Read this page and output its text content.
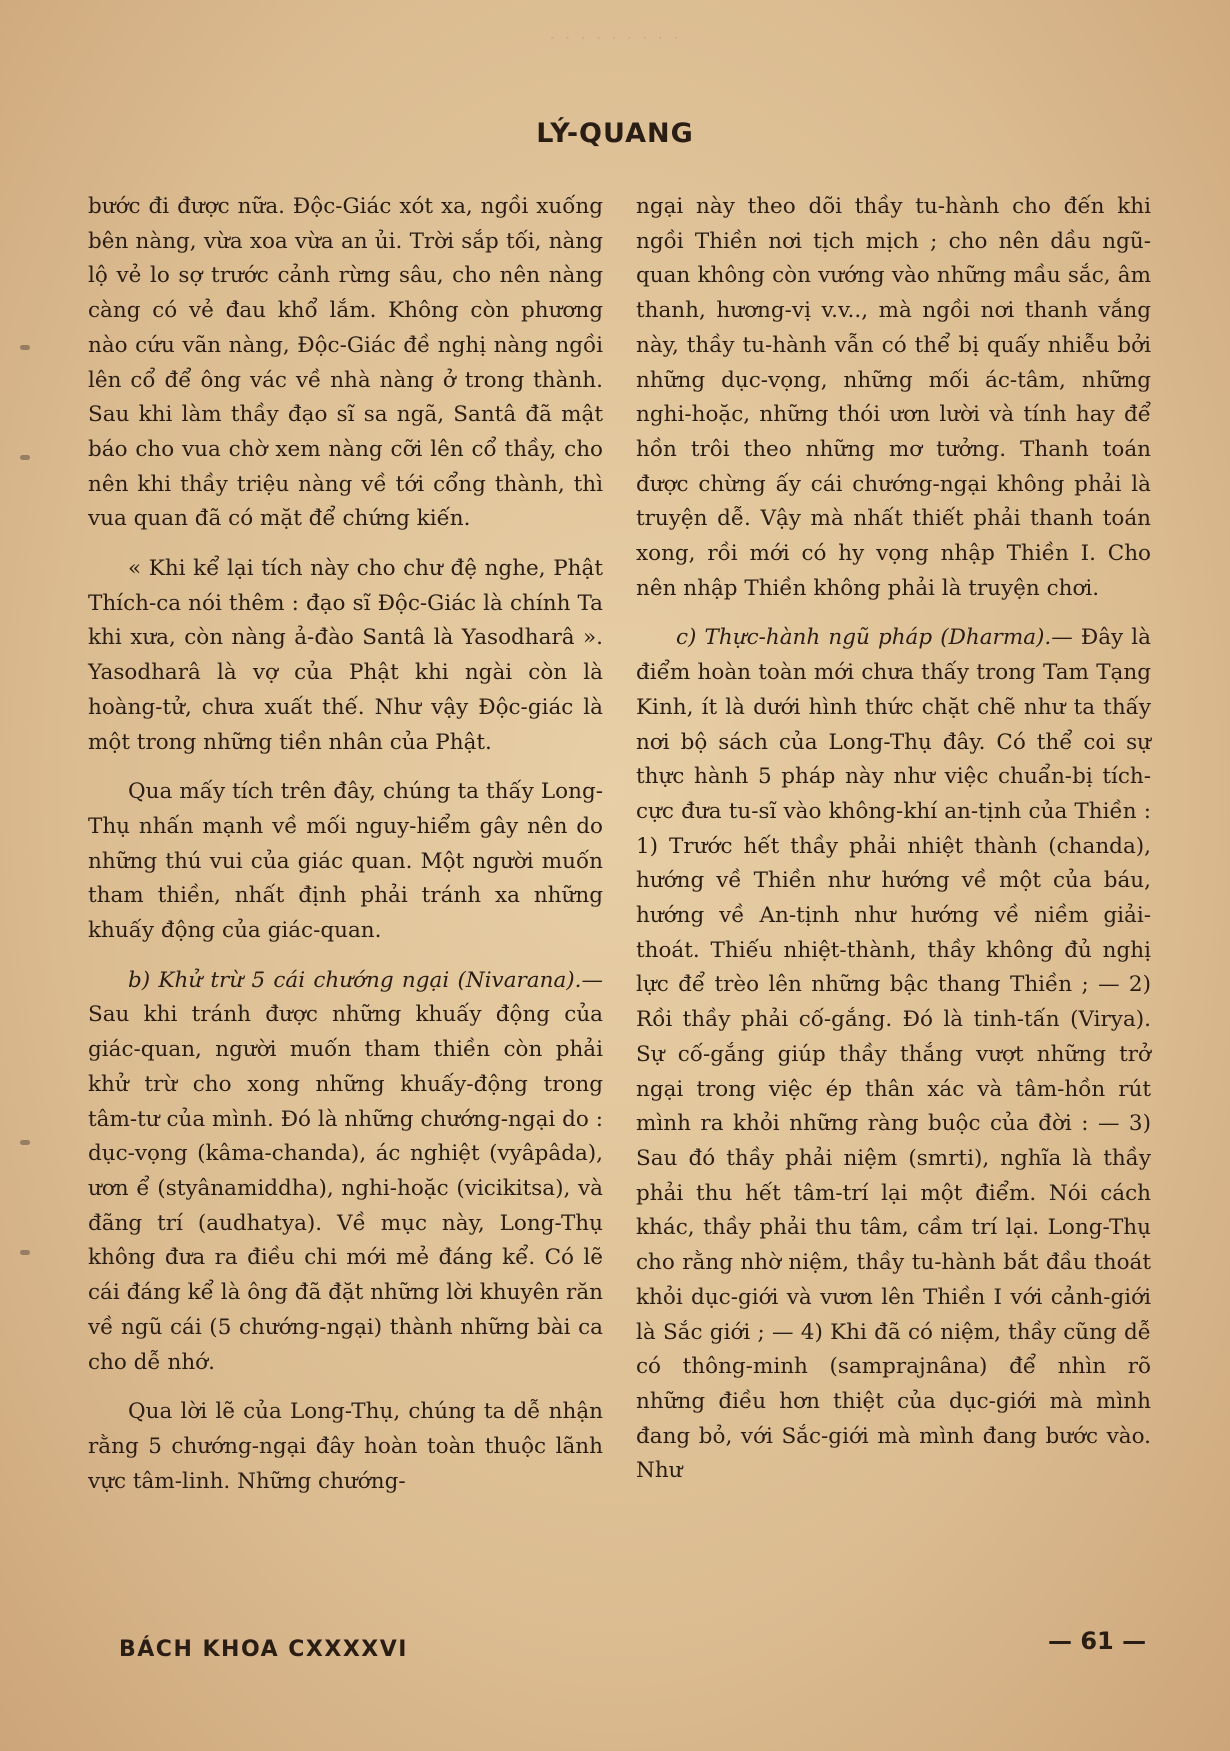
· · · · · · · · ·
LÝ-QUANG

bước đi được nữa. Độc-Giác xót xa, ngồi xuống bên nàng, vừa xoa vừa an ủi. Trời sắp tối, nàng lộ vẻ lo sợ trước cảnh rừng sâu, cho nên nàng càng có vẻ đau khổ lắm. Không còn phương nào cứu vãn nàng, Độc-Giác đề nghị nàng ngồi lên cổ để ông vác về nhà nàng ở trong thành. Sau khi làm thầy đạo sĩ sa ngã, Santâ đã mật báo cho vua chờ xem nàng cỡi lên cổ thầy, cho nên khi thầy triệu nàng về tới cổng thành, thì vua quan đã có mặt để chứng kiến.

« Khi kể lại tích này cho chư đệ nghe, Phật Thích-ca nói thêm : đạo sĩ Độc-Giác là chính Ta khi xưa, còn nàng ả-đào Santâ là Yasodharâ ». Yasodharâ là vợ của Phật khi ngài còn là hoàng-tử, chưa xuất thế. Như vậy Độc-giác là một trong những tiền nhân của Phật.

Qua mấy tích trên đây, chúng ta thấy Long-Thụ nhấn mạnh về mối nguy-hiểm gây nên do những thú vui của giác quan. Một người muốn tham thiền, nhất định phải tránh xa những khuấy động của giác-quan.

b) Khử trừ 5 cái chướng ngại (Nivarana).— Sau khi tránh được những khuấy động của giác-quan, người muốn tham thiền còn phải khử trừ cho xong những khuấy-động trong tâm-tư của mình. Đó là những chướng-ngại do : dục-vọng (kâma-chanda), ác nghiệt (vyâpâda), ươn ể (styânamiddha), nghi-hoặc (vicikitsa), và đãng trí (audhatya). Về mục này, Long-Thụ không đưa ra điều chi mới mẻ đáng kể. Có lẽ cái đáng kể là ông đã đặt những lời khuyên răn về ngũ cái (5 chướng-ngại) thành những bài ca cho dễ nhớ.

Qua lời lẽ của Long-Thụ, chúng ta dễ nhận rằng 5 chướng-ngại đây hoàn toàn thuộc lãnh vực tâm-linh. Những chướng-

ngại này theo dõi thầy tu-hành cho đến khi ngồi Thiền nơi tịch mịch ; cho nên dầu ngũ-quan không còn vướng vào những mầu sắc, âm thanh, hương-vị v.v.., mà ngồi nơi thanh vắng này, thầy tu-hành vẫn có thể bị quấy nhiễu bởi những dục-vọng, những mối ác-tâm, những nghi-hoặc, những thói ươn lười và tính hay để hồn trôi theo những mơ tưởng. Thanh toán được chừng ấy cái chướng-ngại không phải là truyện dễ. Vậy mà nhất thiết phải thanh toán xong, rồi mới có hy vọng nhập Thiền I. Cho nên nhập Thiền không phải là truyện chơi.

c) Thực-hành ngũ pháp (Dharma).— Đây là điểm hoàn toàn mới chưa thấy trong Tam Tạng Kinh, ít là dưới hình thức chặt chẽ như ta thấy nơi bộ sách của Long-Thụ đây. Có thể coi sự thực hành 5 pháp này như việc chuẩn-bị tích-cực đưa tu-sĩ vào không-khí an-tịnh của Thiền : 1) Trước hết thầy phải nhiệt thành (chanda), hướng về Thiền như hướng về một của báu, hướng về An-tịnh như hướng về niềm giải-thoát. Thiếu nhiệt-thành, thầy không đủ nghị lực để trèo lên những bậc thang Thiền ; — 2) Rồi thầy phải cố-gắng. Đó là tinh-tấn (Virya). Sự cố-gắng giúp thầy thắng vượt những trở ngại trong việc ép thân xác và tâm-hồn rút mình ra khỏi những ràng buộc của đời : — 3) Sau đó thầy phải niệm (smrti), nghĩa là thầy phải thu hết tâm-trí lại một điểm. Nói cách khác, thầy phải thu tâm, cầm trí lại. Long-Thụ cho rằng nhờ niệm, thầy tu-hành bắt đầu thoát khỏi dục-giới và vươn lên Thiền I với cảnh-giới là Sắc giới ; — 4) Khi đã có niệm, thầy cũng dễ có thông-minh (samprajnâna) để nhìn rõ những điều hơn thiệt của dục-giới mà mình đang bỏ, với Sắc-giới mà mình đang bước vào. Như

BÁCH KHOA CXXXXVI	— 61 —
